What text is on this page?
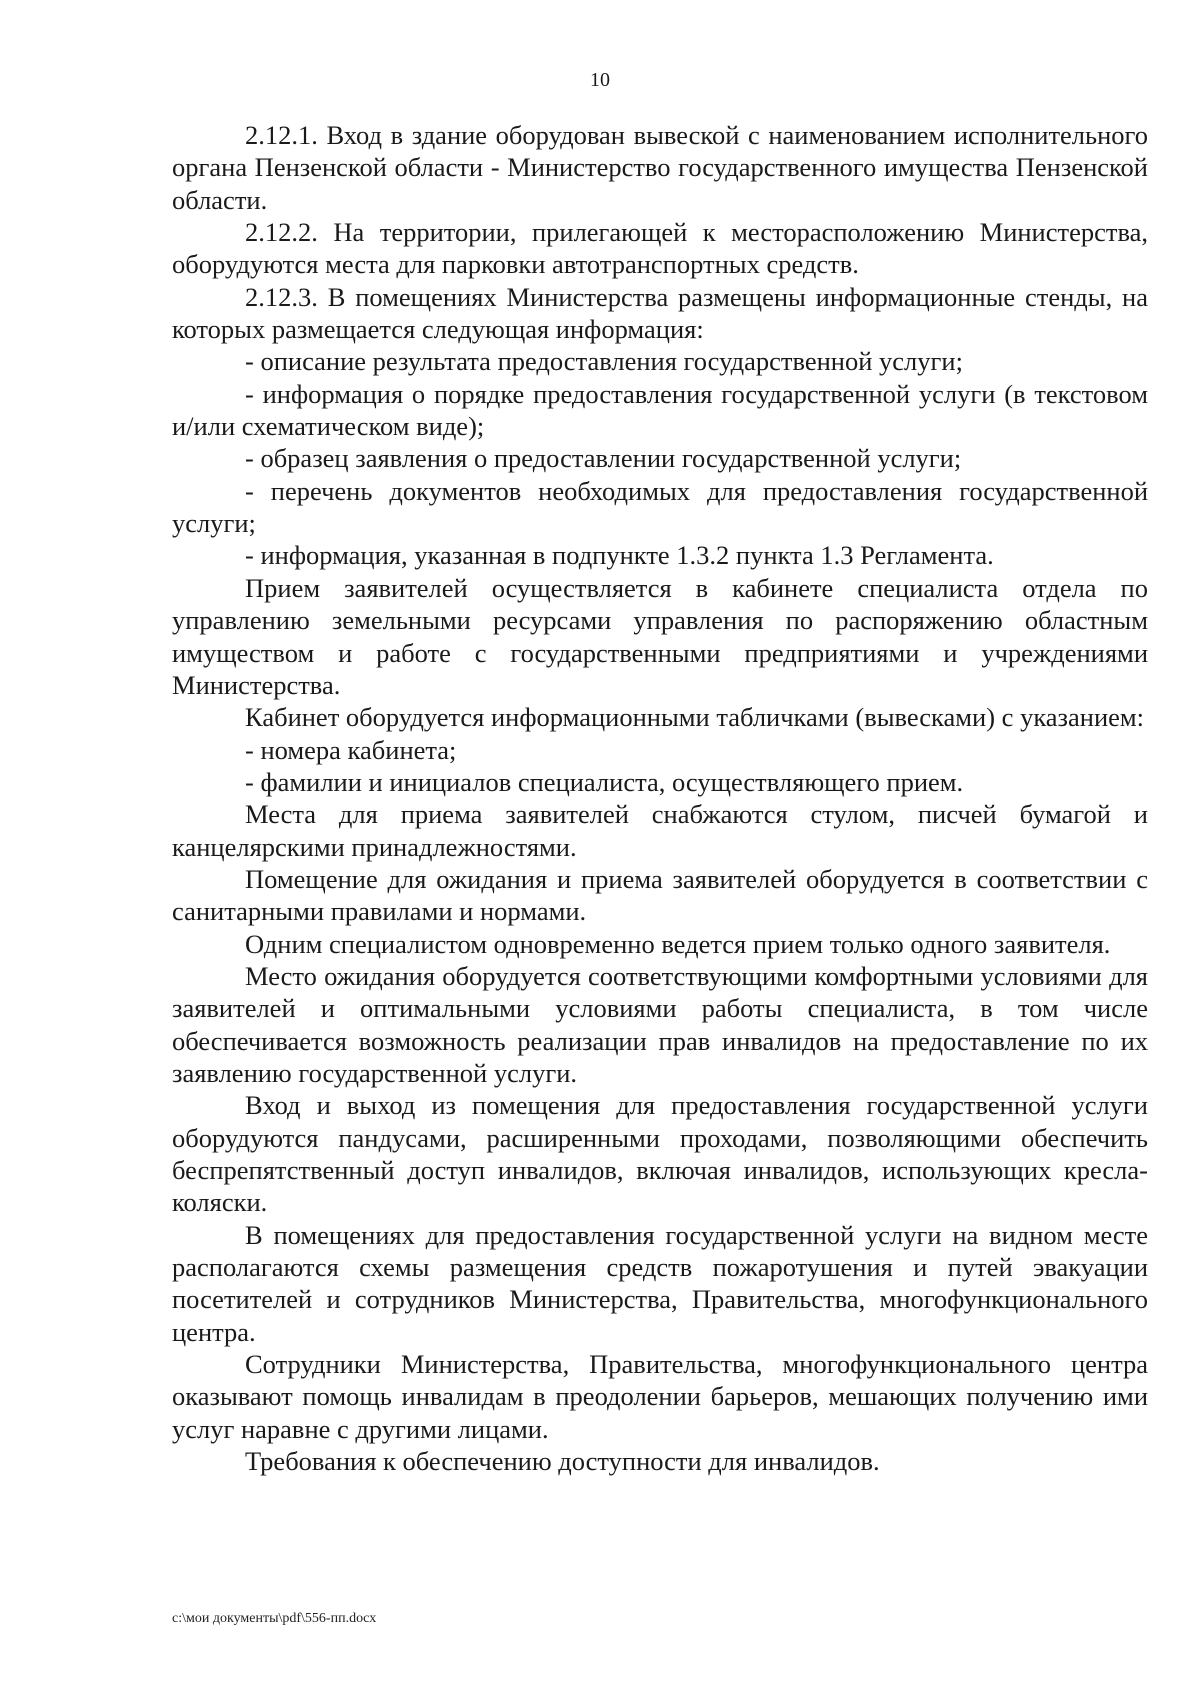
10

2.12.1. Вход в здание оборудован вывеской с наименованием исполнительного органа Пензенской области - Министерство государственного имущества Пензенской области.

2.12.2. На территории, прилегающей к месторасположению Министерства, оборудуются места для парковки автотранспортных средств.

2.12.3. В помещениях Министерства размещены информационные стенды, на которых размещается следующая информация:

- описание результата предоставления государственной услуги;

- информация о порядке предоставления государственной услуги (в текстовом и/или схематическом виде);

- образец заявления о предоставлении государственной услуги;

- перечень документов необходимых для предоставления государственной услуги;

- информация, указанная в подпункте 1.3.2 пункта 1.3 Регламента.

Прием заявителей осуществляется в кабинете специалиста отдела по управлению земельными ресурсами управления по распоряжению областным имуществом и работе с государственными предприятиями и учреждениями Министерства.

Кабинет оборудуется информационными табличками (вывесками) с указанием:

- номера кабинета;

- фамилии и инициалов специалиста, осуществляющего прием.

Места для приема заявителей снабжаются стулом, писчей бумагой и канцелярскими принадлежностями.

Помещение для ожидания и приема заявителей оборудуется в соответствии с санитарными правилами и нормами.

Одним специалистом одновременно ведется прием только одного заявителя.

Место ожидания оборудуется соответствующими комфортными условиями для заявителей и оптимальными условиями работы специалиста, в том числе обеспечивается возможность реализации прав инвалидов на предоставление по их заявлению государственной услуги.

Вход и выход из помещения для предоставления государственной услуги оборудуются пандусами, расширенными проходами, позволяющими обеспечить беспрепятственный доступ инвалидов, включая инвалидов, использующих кресла-коляски.

В помещениях для предоставления государственной услуги на видном месте располагаются схемы размещения средств пожаротушения и путей эвакуации посетителей и сотрудников Министерства, Правительства, многофункционального центра.

Сотрудники Министерства, Правительства, многофункционального центра оказывают помощь инвалидам в преодолении барьеров, мешающих получению ими услуг наравне с другими лицами.

Требования к обеспечению доступности для инвалидов.

c:\мои документы\pdf\556-пп.docx
